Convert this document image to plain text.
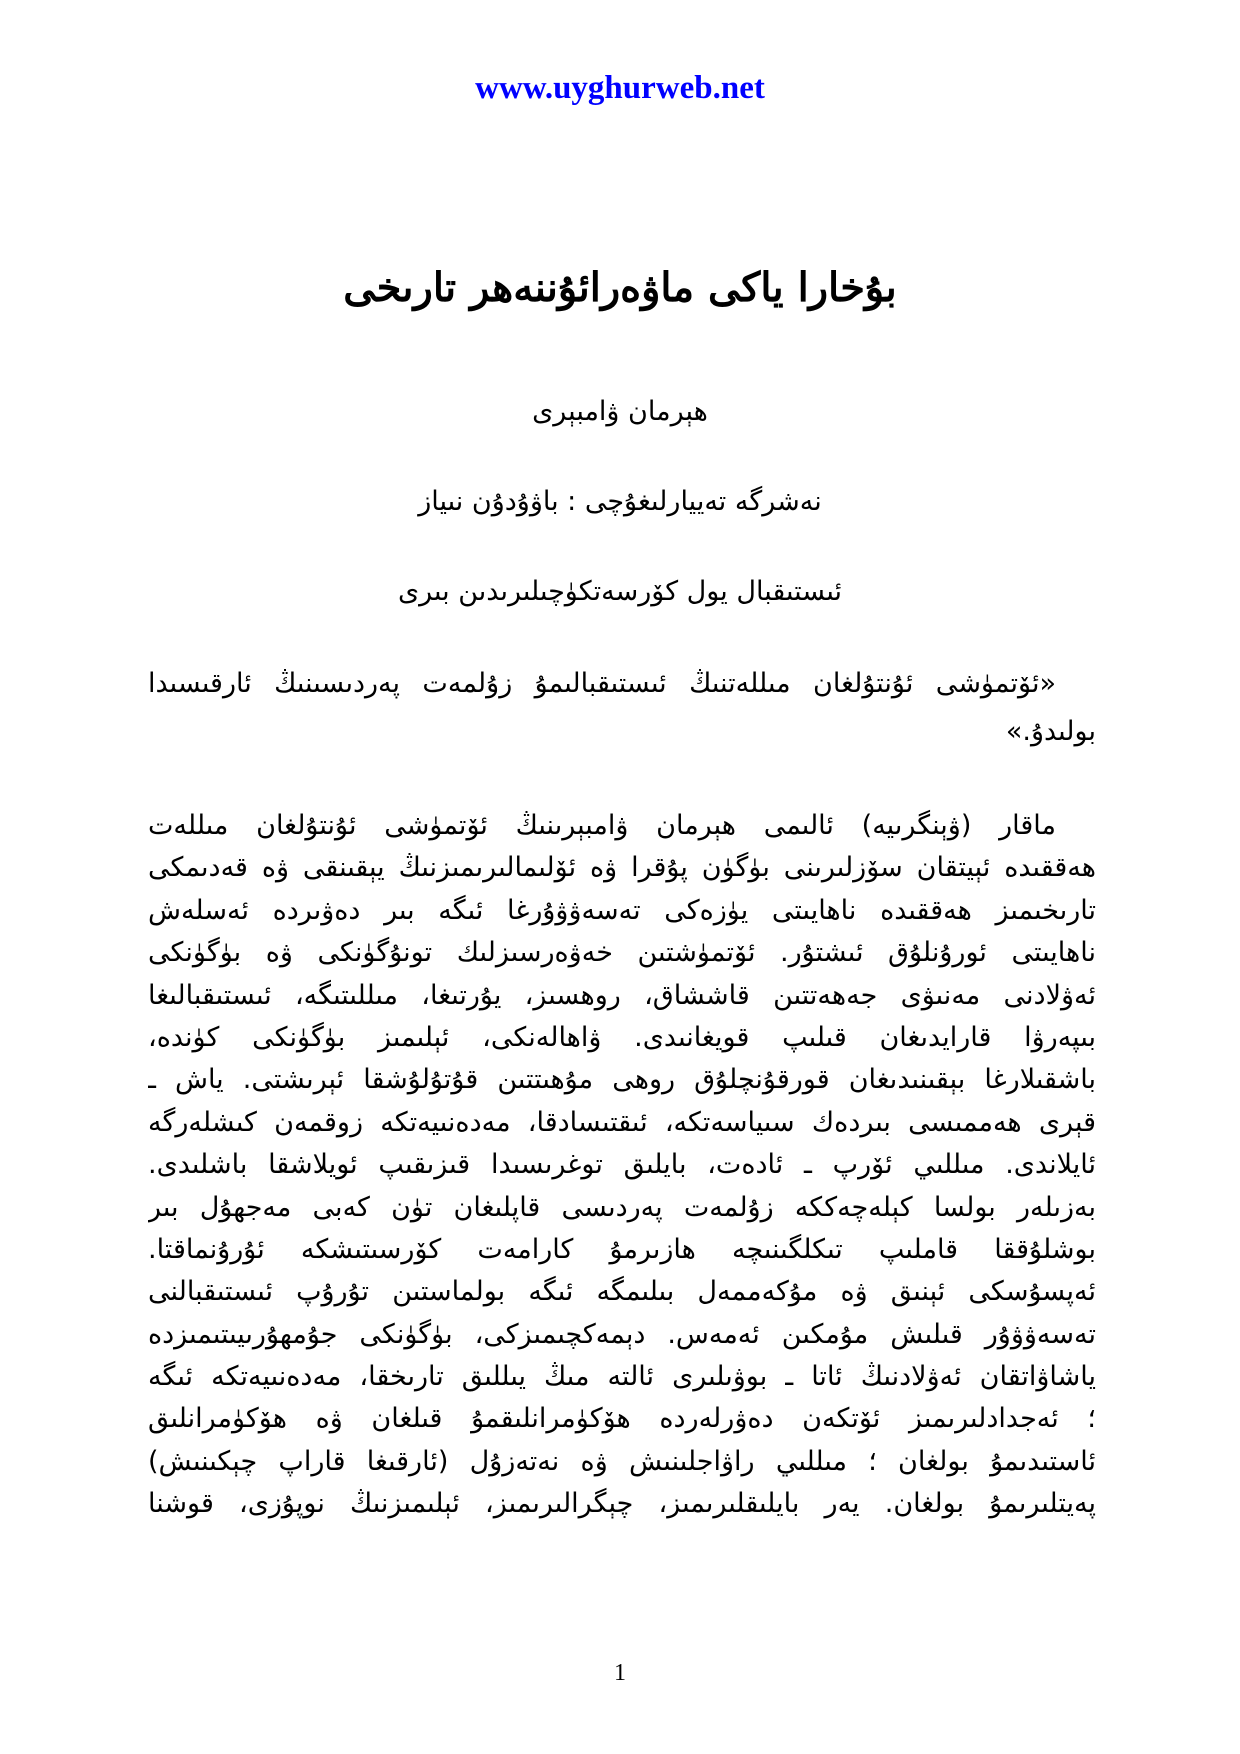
www.uyghurweb.net
بۇخارا ياكى ماۋەرائۇننەھر تارىخى
ھېرمان ۋامبېرى
نەشرگە تەييارلىغۇچى : باۋۇدۇن نىياز
ئىستىقبال يول كۆرسەتكۈچىلىرىدىن بىرى
«ئۆتمۈشى ئۇنتۇلغان مىللەتنىڭ ئىستىقبالىمۇ زۇلمەت پەردىسىنىڭ ئارقىسىدا بولىدۇ.»
ماقار (ۋېنگرىيە) ئالىمى ھېرمان ۋامبېرىنىڭ ئۆتمۈشى ئۇنتۇلغان مىللەت
ھەققىدە ئېيتقان سۆزلىرىنى بۈگۈن پۇقرا ۋە ئۆلىمالىرىمىزنىڭ يېقىنقى ۋە قەدىمكى
تارىخىمىز ھەققىدە ناھايىتى يۈزەكى تەسەۋۋۇرغا ئىگە بىر دەۋىردە ئەسلەش
ناھايىتى ئورۇنلۇق ئىشتۇر. ئۆتمۈشتىن خەۋەرسىزلىك تونۇگۈنكى ۋە بۈگۈنكى
ئەۋلادنى مەنىۋى جەھەتتىن قاششاق، روھسىز، يۇرتىغا، مىللىتىگە، ئىستىقبالىغا
بىپەرۋا قارايدىغان قىلىپ قويغانىدى. ۋاھالەنكى، ئېلىمىز بۈگۈنكى كۈندە،
باشقىلارغا بېقىنىدىغان قورقۇنچلۇق روھى مۇھىتتىن قۇتۇلۇشقا ئېرىشتى. ياش ـ
قېرى ھەممىسى بىردەك سىياسەتكە، ئىقتىسادقا، مەدەنىيەتكە زوقمەن كىشلەرگە
ئايلاندى. مىللىي ئۆرپ ـ ئادەت، بايلىق توغرىسىدا قىزىقىپ ئويلاشقا باشلىدى.
بەزىلەر بولسا كېلەچەككە زۇلمەت پەردىسى قاپلىغان تۈن كەبى مەجھۇل بىر
بوشلۇققا قاملىپ تىكلگىنىچە ھازىرمۇ كارامەت كۆرسىتىشكە ئۇرۇنماقتا.
ئەپسۇسكى ئېنىق ۋە مۇكەممەل بىلىمگە ئىگە بولماستىن تۇرۇپ ئىستىقبالنى
تەسەۋۋۇر قىلىش مۇمكىن ئەمەس. دېمەكچىمىزكى، بۈگۈنكى جۇمھۇرىيىتىمىزدە
ياشاۋاتقان ئەۋلادنىڭ ئاتا ـ بوۋىلىرى ئالتە مىڭ يىللىق تارىخقا، مەدەنىيەتكە ئىگە
؛ ئەجدادلىرىمىز ئۆتكەن دەۋرلەردە ھۆكۈمرانلىقمۇ قىلغان ۋە ھۆكۈمرانلىق
ئاستىدىمۇ بولغان ؛ مىللىي راۋاجلىنىش ۋە نەتەزۇل (ئارقىغا قاراپ چېكىنىش)
پەيتلىرىمۇ بولغان. يەر بايلىقلىرىمىز، چېگرالىرىمىز، ئېلىمىزنىڭ نوپۇزى، قوشنا
1
